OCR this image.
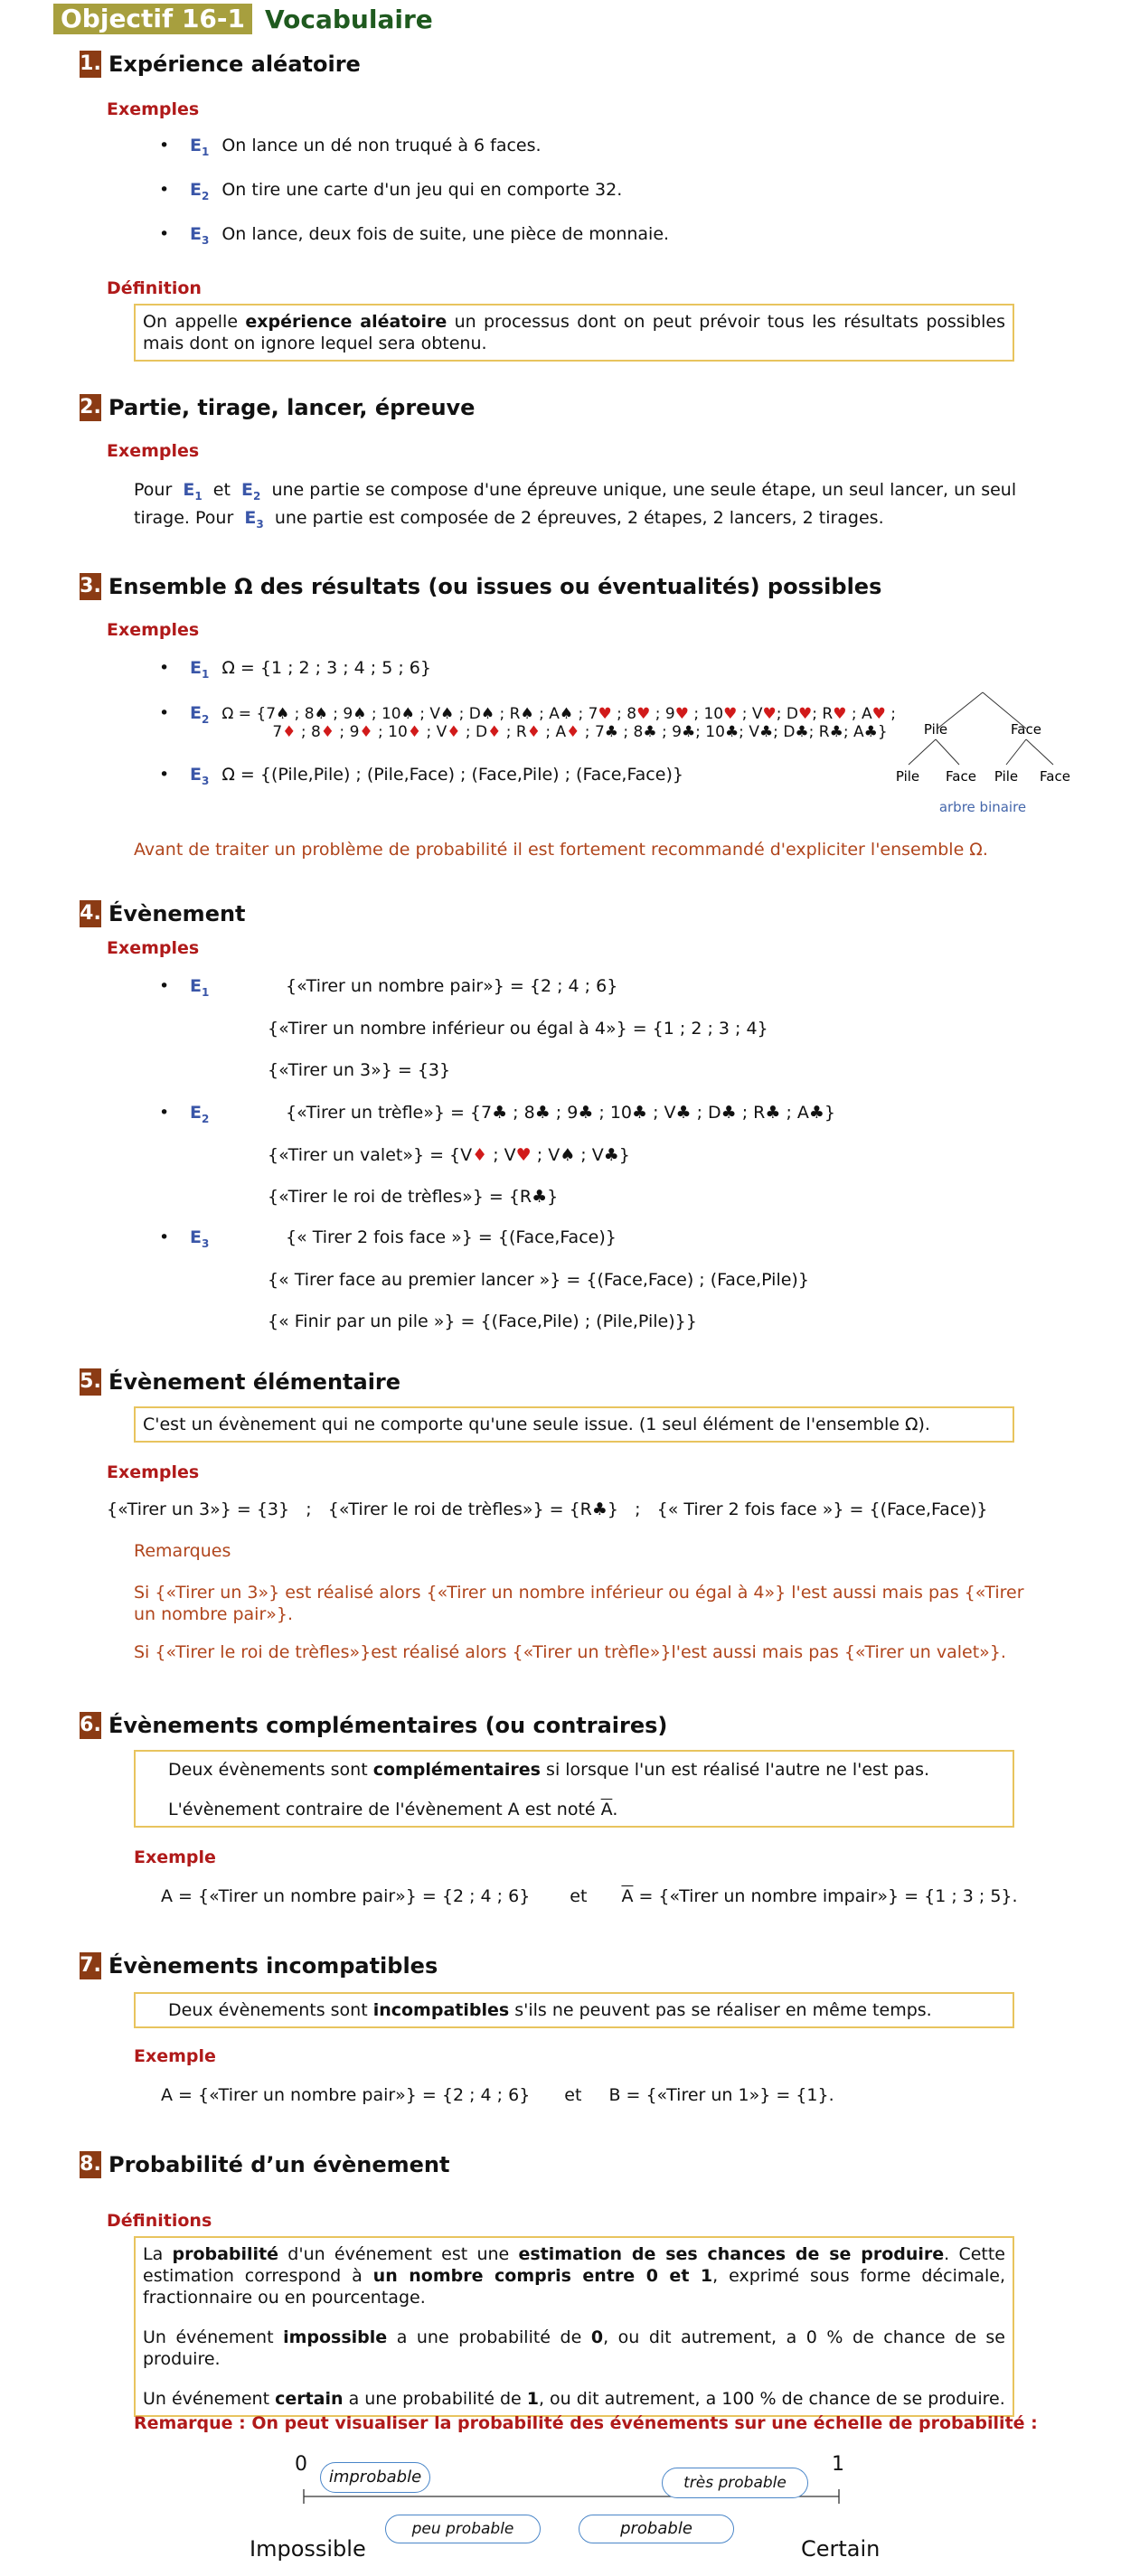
Objectif 16-1 Vocabulaire
1. Expérience aléatoire
Exemples
•	$E_1$ On lance un dé non truqué à 6 faces.
•	$E_2$ On tire une carte d'un jeu qui en comporte 32.
•	$E_3$ On lance, deux fois de suite, une pièce de monnaie.
Définition
On appelle expérience aléatoire un processus dont on peut prévoir tous les résultats possibles mais dont on ignore lequel sera obtenu.
2. Partie, tirage, lancer, épreuve
Exemples
Pour $E_1$ et $E_2$ une partie se compose d'une épreuve unique, une seule étape, un seul lancer, un seul
tirage. Pour $E_3$ une partie est composée de 2 épreuves, 2 étapes, 2 lancers, 2 tirages.
3. Ensemble Ω des résultats (ou issues ou éventualités) possibles
Exemples
•	$E_1$ Ω = {1 ; 2 ; 3 ; 4 ; 5 ; 6}
•	$E_2$ Ω = {7♠ ; 8♠ ; 9♠ ; 10♠ ; V♠ ; D♠ ; R♠ ; A♠ ; 7♥ ; 8♥ ; 9♥ ; 10♥ ; V♥; D♥; R♥ ; A♥ ;
7♦ ; 8♦ ; 9♦ ; 10♦ ; V♦ ; D♦ ; R♦ ; A♦ ; 7♣ ; 8♣ ; 9♣; 10♣; V♣; D♣; R♣; A♣}
•	$E_3$ Ω = {(Pile,Pile) ; (Pile,Face) ; (Face,Pile) ; (Face,Face)}
Pile	Face
Pile Face Pile Face
arbre binaire
Avant de traiter un problème de probabilité il est fortement recommandé d'expliciter l'ensemble Ω.
4. Évènement
Exemples
•	$E_1$	{«Tirer un nombre pair»} = {2 ; 4 ; 6}
{«Tirer un nombre inférieur ou égal à 4»} = {1 ; 2 ; 3 ; 4}
{«Tirer un 3»} = {3}
•	$E_2$	{«Tirer un trèfle»} = {7♣ ; 8♣ ; 9♣ ; 10♣ ; V♣ ; D♣ ; R♣ ; A♣}
{«Tirer un valet»} = {V♦ ; V♥ ; V♠ ; V♣}
{«Tirer le roi de trèfles»} = {R♣}
•	$E_3$	{« Tirer 2 fois face »} = {(Face,Face)}
{« Tirer face au premier lancer »} = {(Face,Face) ; (Face,Pile)}
{« Finir par un pile »} = {(Face,Pile) ; (Pile,Pile)}}
5. Évènement élémentaire
C'est un évènement qui ne comporte qu'une seule issue. (1 seul élément de l'ensemble Ω).
Exemples
{«Tirer un 3»} = {3}   ;   {«Tirer le roi de trèfles»} = {R♣}   ;   {« Tirer 2 fois face »} = {(Face,Face)}
Remarques
Si {«Tirer un 3»} est réalisé alors {«Tirer un nombre inférieur ou égal à 4»} l'est aussi mais pas {«Tirer un nombre pair»}.
Si {«Tirer le roi de trèfles»}est réalisé alors {«Tirer un trèfle»}l'est aussi mais pas {«Tirer un valet»}.
6. Évènements complémentaires (ou contraires)
Deux évènements sont complémentaires si lorsque l'un est réalisé l'autre ne l'est pas.
L'évènement contraire de l'évènement A est noté $\overline{A}$.
Exemple
A = {«Tirer un nombre pair»} = {2 ; 4 ; 6} et $\overline{A}$ = {«Tirer un nombre impair»} = {1 ; 3 ; 5}.
7. Évènements incompatibles
Deux évènements sont incompatibles s'ils ne peuvent pas se réaliser en même temps.
Exemple
A = {«Tirer un nombre pair»} = {2 ; 4 ; 6} et B = {«Tirer un 1»} = {1}.
8. Probabilité d’un évènement
Définitions
La probabilité d'un événement est une estimation de ses chances de se produire. Cette estimation correspond à un nombre compris entre 0 et 1, exprimé sous forme décimale, fractionnaire ou en pourcentage.
Un événement impossible a une probabilité de 0, ou dit autrement, a 0 % de chance de se produire.
Un événement certain a une probabilité de 1, ou dit autrement, a 100 % de chance de se produire.
Remarque : On peut visualiser la probabilité des événements sur une échelle de probabilité :
0	1
Impossible	Certain
improbable	très probable
peu probable	probable
